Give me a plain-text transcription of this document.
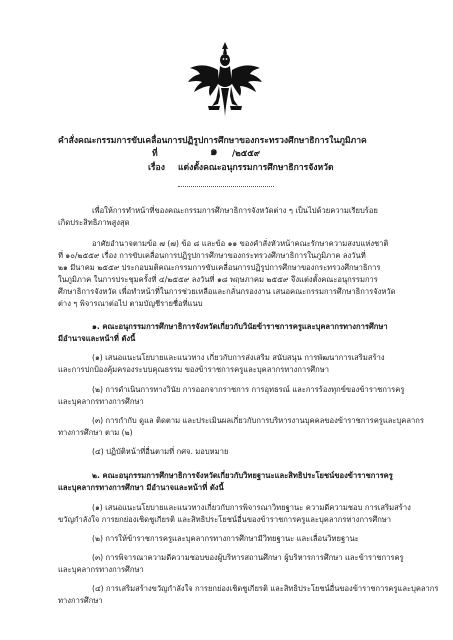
คำสั่งคณะกรรมการขับเคลื่อนการปฏิรูปการศึกษาของกระทรวงศึกษาธิการในภูมิภาค
ที่	๑ /๒๕๕๙
เรื่อง แต่งตั้งคณะอนุกรรมการศึกษาธิการจังหวัด
เพื่อให้การทำหน้าที่ของคณะกรรมการศึกษาธิการจังหวัดต่าง ๆ เป็นไปด้วยความเรียบร้อย
เกิดประสิทธิภาพสูงสุด
อาศัยอำนาจตามข้อ ๗ (๗) ข้อ ๘ และข้อ ๑๑ ของคำสั่งหัวหน้าคณะรักษาความสงบแห่งชาติ
ที่ ๑๐/๒๕๕๙ เรื่อง การขับเคลื่อนการปฏิรูปการศึกษาของกระทรวงศึกษาธิการในภูมิภาค ลงวันที่
๒๑ มีนาคม ๒๕๕๙ ประกอบมติคณะกรรมการขับเคลื่อนการปฏิรูปการศึกษาของกระทรวงศึกษาธิการ
ในภูมิภาค ในการประชุมครั้งที่ ๔/๒๕๕๙ ลงวันที่ ๑๘ พฤษภาคม ๒๕๕๙ จึงแต่งตั้งคณะอนุกรรมการ
ศึกษาธิการจังหวัด เพื่อทำหน้าที่ในการช่วยเหลือและกลั่นกรองงาน เสนอคณะกรรมการศึกษาธิการจังหวัด
ต่าง ๆ พิจารณาต่อไป ตามบัญชีรายชื่อที่แนบ
๑. คณะอนุกรรมการศึกษาธิการจังหวัดเกี่ยวกับวินัยข้าราชการครูและบุคลากรทางการศึกษา
มีอำนาจและหน้าที่ ดังนี้
(๑) เสนอแนะนโยบายและแนวทาง เกี่ยวกับการส่งเสริม สนับสนุน การพัฒนาการเสริมสร้าง
และการปกป้องคุ้มครองระบบคุณธรรม ของข้าราชการครูและบุคลากรทางการศึกษา
(๒) การดำเนินการทางวินัย การออกจากราชการ การอุทธรณ์ และการร้องทุกข์ของข้าราชการครู
และบุคลากรทางการศึกษา
(๓) การกำกับ ดูแล ติดตาม และประเมินผลเกี่ยวกับการบริหารงานบุคคลของข้าราชการครูและบุคลากร
ทางการศึกษา ตาม (๒)
(๔) ปฏิบัติหน้าที่อื่นตามที่ กศจ. มอบหมาย
๒. คณะอนุกรรมการศึกษาธิการจังหวัดเกี่ยวกับวิทยฐานะและสิทธิประโยชน์ของข้าราชการครู
และบุคลากรทางการศึกษา มีอำนาจและหน้าที่ ดังนี้
(๑) เสนอแนะนโยบายและแนวทางเกี่ยวกับการพิจารณาวิทยฐานะ ความดีความชอบ การเสริมสร้าง
ขวัญกำลังใจ การยกย่องเชิดชูเกียรติ และสิทธิประโยชน์อื่นของข้าราชการครูและบุคลากรทางการศึกษา
(๒) การให้ข้าราชการครูและบุคลากรทางการศึกษามีวิทยฐานะ และเลื่อนวิทยฐานะ
(๓) การพิจารณาความดีความชอบของผู้บริหารสถานศึกษา ผู้บริหารการศึกษา และข้าราชการครู
และบุคลากรทางการศึกษา
(๔) การเสริมสร้างขวัญกำลังใจ การยกย่องเชิดชูเกียรติ และสิทธิประโยชน์อื่นของข้าราชการครูและบุคลากร
ทางการศึกษา
